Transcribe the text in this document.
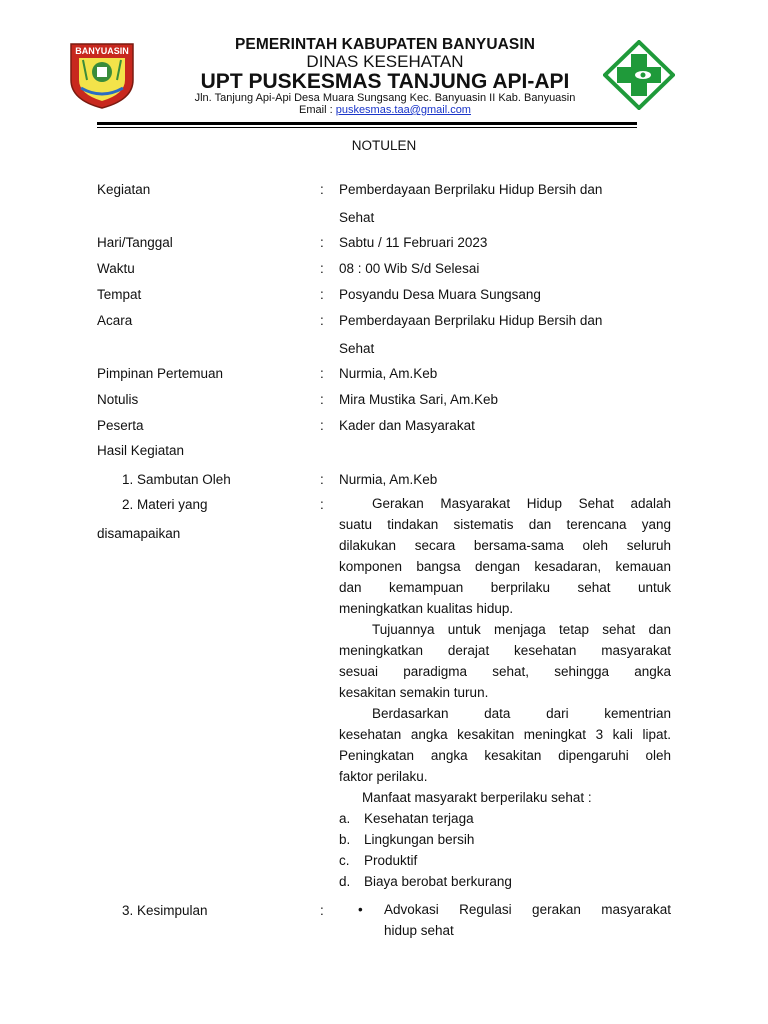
BANYUASIN	PEMERINTAH KABUPATEN BANYUASIN
DINAS KESEHATAN
UPT PUSKESMAS TANJUNG API-API
Jln. Tanjung Api-Api Desa Muara Sungsang Kec. Banyuasin II Kab. Banyuasin
Email : puskesmas.taa@gmail.com
NOTULEN
Kegiatan	: Pemberdayaan Berprilaku Hidup Bersih dan
Sehat
Hari/Tanggal	: Sabtu / 11 Februari 2023
Waktu	: 08 : 00 Wib S/d Selesai
Tempat	: Posyandu Desa Muara Sungsang
Acara	: Pemberdayaan Berprilaku Hidup Bersih dan
Sehat
Pimpinan Pertemuan	: Nurmia, Am.Keb
Notulis	: Mira Mustika Sari, Am.Keb
Peserta	: Kader dan Masyarakat
Hasil Kegiatan
1. Sambutan Oleh	: Nurmia, Am.Keb
2. Materi yang
disamapaikan
:	Gerakan Masyarakat Hidup Sehat adalah
suatu tindakan sistematis dan terencana yang
dilakukan secara bersama-sama oleh seluruh
komponen bangsa dengan kesadaran, kemauan
dan kemampuan berprilaku sehat untuk
meningkatkan kualitas hidup.
Tujuannya untuk menjaga tetap sehat dan
meningkatkan derajat kesehatan masyarakat
sesuai paradigma sehat, sehingga angka
kesakitan semakin turun.
Berdasarkan data dari kementrian
kesehatan angka kesakitan meningkat 3 kali lipat.
Peningkatan angka kesakitan dipengaruhi oleh
faktor perilaku.
Manfaat masyarakt berperilaku sehat :
a. Kesehatan terjaga
b. Lingkungan bersih
c. Produktif
d. Biaya berobat berkurang
3. Kesimpulan	:	• Advokasi Regulasi gerakan masyarakat
hidup sehat
